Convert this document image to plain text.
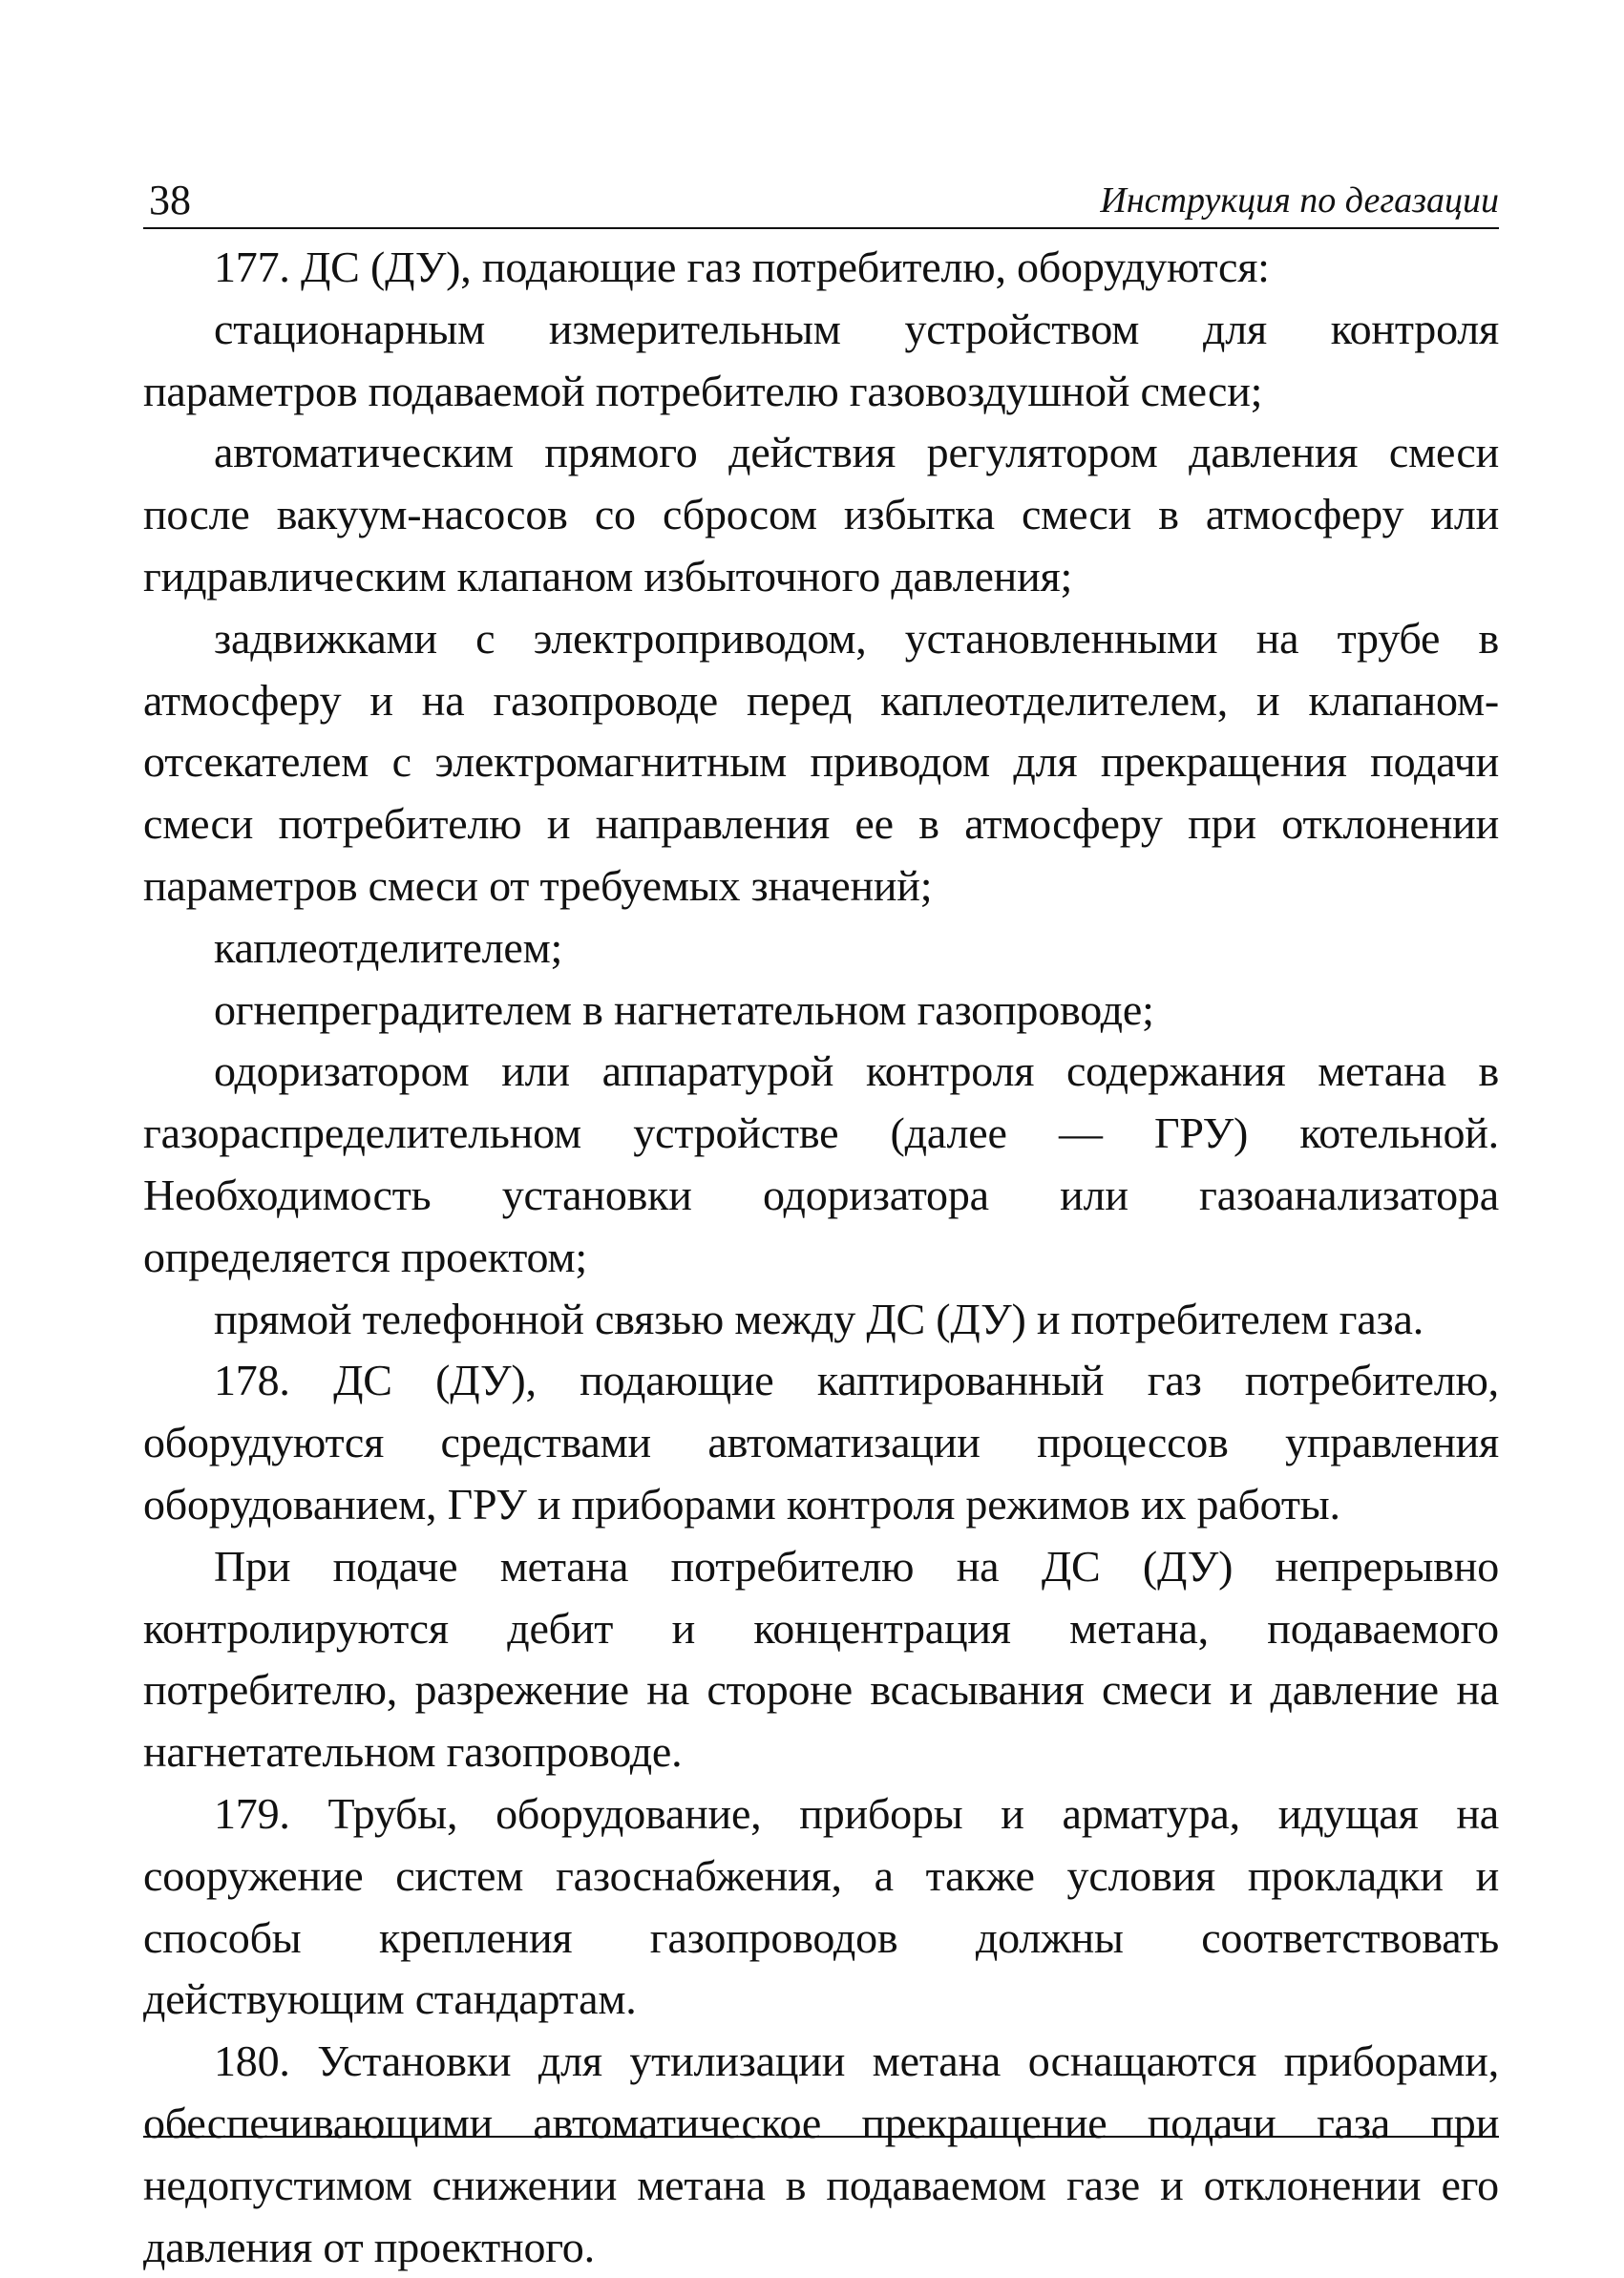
38	Инструкция по дегазации

177. ДС (ДУ), подающие газ потребителю, оборудуются:

стационарным измерительным устройством для контроля параметров подаваемой потребителю газовоздушной смеси;

автоматическим прямого действия регулятором давления смеси после вакуум-насосов со сбросом избытка смеси в атмосферу или гидравлическим клапаном избыточного давления;

задвижками с электроприводом, установленными на трубе в атмосферу и на газопроводе перед каплеотделителем, и клапаном-отсекателем с электромагнитным приводом для прекращения подачи смеси потребителю и направления ее в атмосферу при отклонении параметров смеси от требуемых значений;

каплеотделителем;

огнепреградителем в нагнетательном газопроводе;

одоризатором или аппаратурой контроля содержания метана в газораспределительном устройстве (далее — ГРУ) котельной. Необходимость установки одоризатора или газоанализатора определяется проектом;

прямой телефонной связью между ДС (ДУ) и потребителем газа.

178. ДС (ДУ), подающие каптированный газ потребителю, оборудуются средствами автоматизации процессов управления оборудованием, ГРУ и приборами контроля режимов их работы.

При подаче метана потребителю на ДС (ДУ) непрерывно контролируются дебит и концентрация метана, подаваемого потребителю, разрежение на стороне всасывания смеси и давление на нагнетательном газопроводе.

179. Трубы, оборудование, приборы и арматура, идущая на сооружение систем газоснабжения, а также условия прокладки и способы крепления газопроводов должны соответствовать действующим стандартам.

180. Установки для утилизации метана оснащаются приборами, обеспечивающими автоматическое прекращение подачи газа при недопустимом снижении метана в подаваемом газе и отклонении его давления от проектного.
